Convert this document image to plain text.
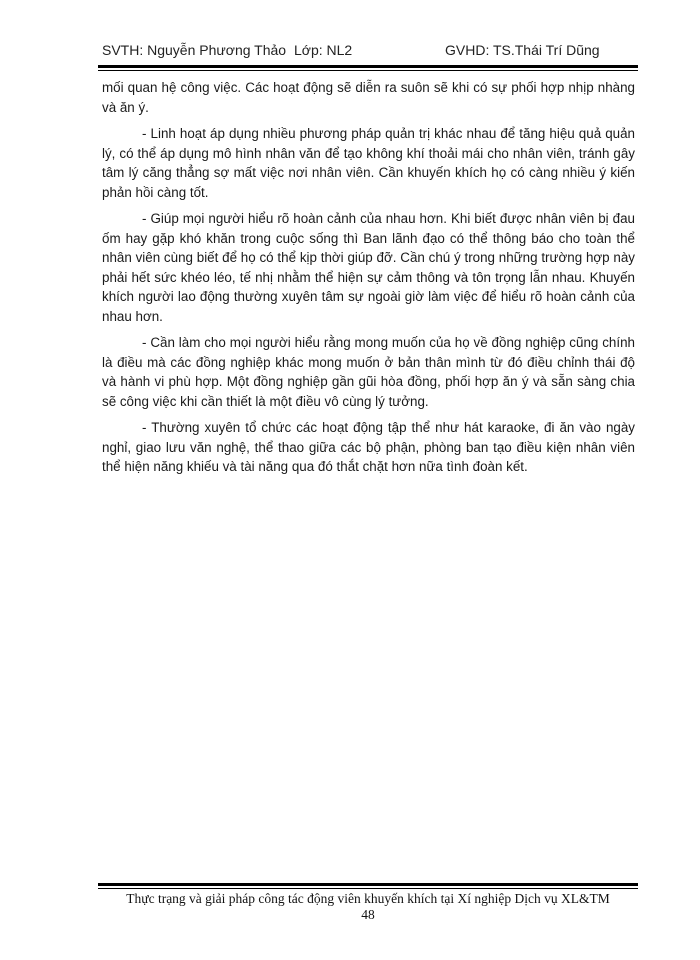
SVTH: Nguyễn Phương Thảo Lớp: NL2	GVHD: TS.Thái Trí Dũng

mối quan hệ công việc. Các hoạt động sẽ diễn ra suôn sẽ khi có sự phối hợp nhịp nhàng và ăn ý.

- Linh hoạt áp dụng nhiều phương pháp quản trị khác nhau để tăng hiệu quả quản lý, có thể áp dụng mô hình nhân văn để tạo không khí thoải mái cho nhân viên, tránh gây tâm lý căng thẳng sợ mất việc nơi nhân viên. Cần khuyến khích họ có càng nhiều ý kiến phản hồi càng tốt.

- Giúp mọi người hiểu rõ hoàn cảnh của nhau hơn. Khi biết được nhân viên bị đau ốm hay gặp khó khăn trong cuộc sống thì Ban lãnh đạo có thể thông báo cho toàn thể nhân viên cùng biết để họ có thể kịp thời giúp đỡ. Cần chú ý trong những trường hợp này phải hết sức khéo léo, tế nhị nhằm thể hiện sự cảm thông và tôn trọng lẫn nhau. Khuyến khích người lao động thường xuyên tâm sự ngoài giờ làm việc để hiểu rõ hoàn cảnh của nhau hơn.

- Cần làm cho mọi người hiểu rằng mong muốn của họ về đồng nghiệp cũng chính là điều mà các đồng nghiệp khác mong muốn ở bản thân mình từ đó điều chỉnh thái độ và hành vi phù hợp. Một đồng nghiệp gần gũi hòa đồng, phối hợp ăn ý và sẵn sàng chia sẽ công việc khi cần thiết là một điều vô cùng lý tưởng.

- Thường xuyên tổ chức các hoạt động tập thể như hát karaoke, đi ăn vào ngày nghỉ, giao lưu văn nghệ, thể thao giữa các bộ phận, phòng ban tạo điều kiện nhân viên thể hiện năng khiếu và tài năng qua đó thắt chặt hơn nữa tình đoàn kết.

Thực trạng và giải pháp công tác động viên khuyến khích tại Xí nghiệp Dịch vụ XL&TM
48
